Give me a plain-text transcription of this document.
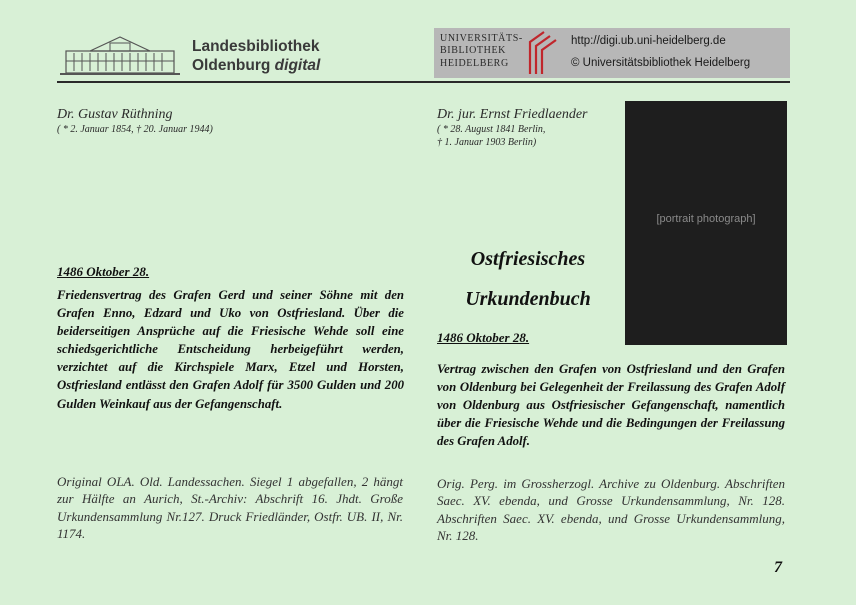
Landesbibliothek
Oldenburg digital
UNIVERSITÄTS-
BIBLIOTHEK
HEIDELBERG
http://digi.ub.uni-heidelberg.de
© Universitätsbibliothek Heidelberg
Dr. Gustav Rüthning
( * 2. Januar 1854, † 20. Januar 1944)
1486 Oktober 28.
Friedensvertrag des Grafen Gerd und seiner Söhne mit den Grafen Enno, Edzard und Uko von Ostfriesland. Über die beiderseitigen Ansprüche auf die Friesische Wehde soll eine schiedsgerichtliche Entscheidung herbeigeführt werden, verzichtet auf die Kirchspiele Marx, Etzel und Horsten, Ostfriesland entlässt den Grafen Adolf für 3500 Gulden und 200 Gulden Weinkauf aus der Gefangenschaft.
Original OLA. Old. Landessachen. Siegel 1 abgefallen, 2 hängt zur Hälfte an Aurich, St.-Archiv: Abschrift 16. Jhdt. Große Urkundensammlung Nr.127. Druck Friedländer, Ostfr. UB. II, Nr. 1174.
Dr. jur. Ernst Friedlaender
( * 28. August 1841 Berlin,
† 1. Januar 1903 Berlin)
Ostfriesisches
Urkundenbuch
[portrait photograph]
1486 Oktober 28.
Vertrag zwischen den Grafen von Ostfriesland und den Grafen von Oldenburg bei Gelegenheit der Freilassung des Grafen Adolf von Oldenburg aus Ostfriesischer Gefangenschaft, namentlich über die Friesische Wehde und die Bedingungen der Freilassung des Grafen Adolf.
Orig. Perg. im Grossherzogl. Archive zu Oldenburg. Abschriften Saec. XV. ebenda, und Grosse Urkundensammlung, Nr. 128. Abschriften Saec. XV. ebenda, und Grosse Urkundensammlung, Nr. 128.
7
